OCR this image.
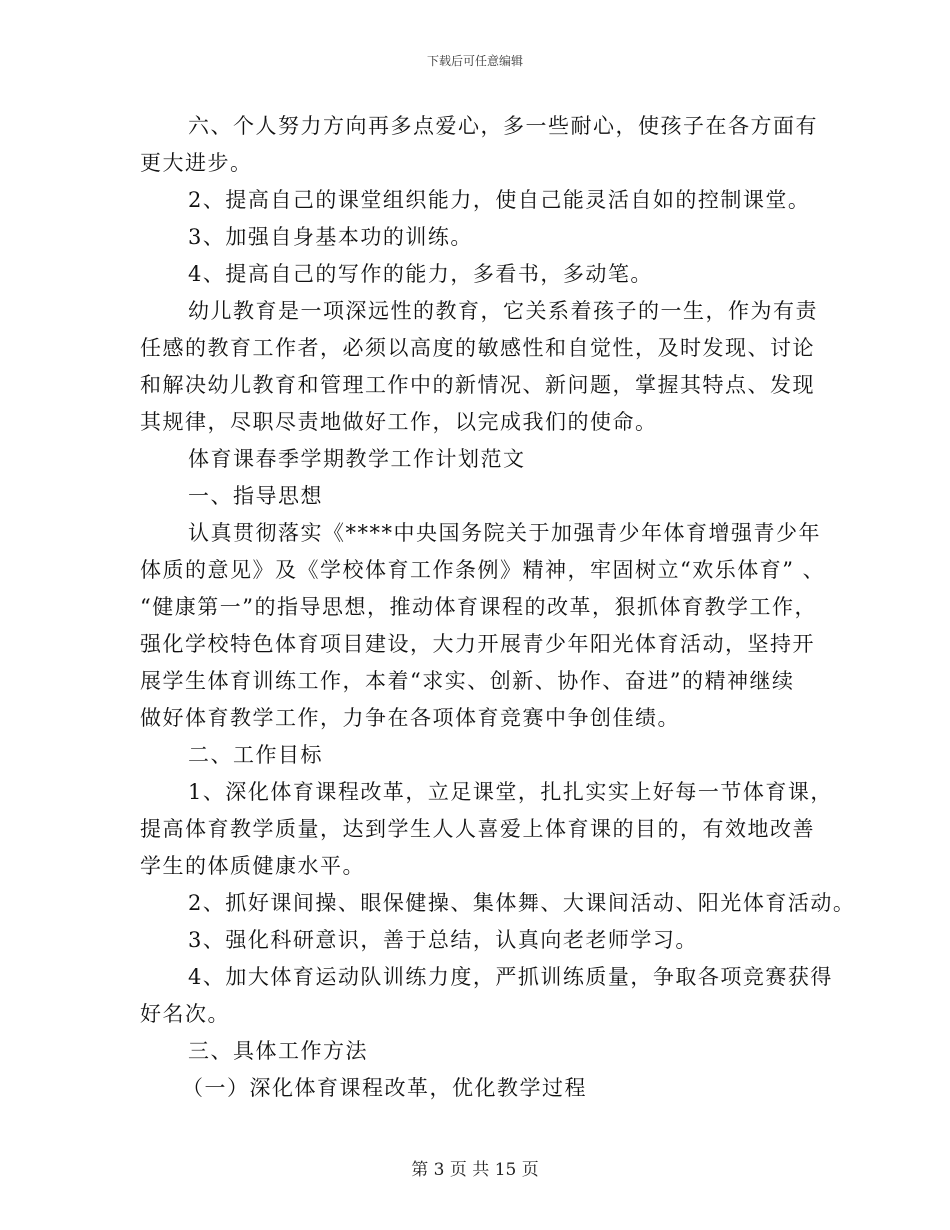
下载后可任意编辑

六、个人努力方向再多点爱心，多一些耐心，使孩子在各方面有

更大进步。

2、提高自己的课堂组织能力，使自己能灵活自如的控制课堂。

3、加强自身基本功的训练。

4、提高自己的写作的能力，多看书，多动笔。

幼儿教育是一项深远性的教育，它关系着孩子的一生，作为有责

任感的教育工作者，必须以高度的敏感性和自觉性，及时发现、讨论

和解决幼儿教育和管理工作中的新情况、新问题，掌握其特点、发现

其规律，尽职尽责地做好工作，以完成我们的使命。

体育课春季学期教学工作计划范文

一、指导思想

认真贯彻落实《****中央国务院关于加强青少年体育增强青少年

体质的意见》及《学校体育工作条例》精神，牢固树立“欢乐体育” 、

“健康第一”的指导思想，推动体育课程的改革，狠抓体育教学工作，

强化学校特色体育项目建设，大力开展青少年阳光体育活动，坚持开

展学生体育训练工作，本着“求实、创新、协作、奋进”的精神继续

做好体育教学工作，力争在各项体育竞赛中争创佳绩。

二、工作目标

1、深化体育课程改革，立足课堂，扎扎实实上好每一节体育课，

提高体育教学质量，达到学生人人喜爱上体育课的目的，有效地改善

学生的体质健康水平。

2、抓好课间操、眼保健操、集体舞、大课间活动、阳光体育活动。

3、强化科研意识，善于总结，认真向老老师学习。

4、加大体育运动队训练力度，严抓训练质量，争取各项竞赛获得

好名次。

三、具体工作方法

（一）深化体育课程改革，优化教学过程

第 3 页 共 15 页
